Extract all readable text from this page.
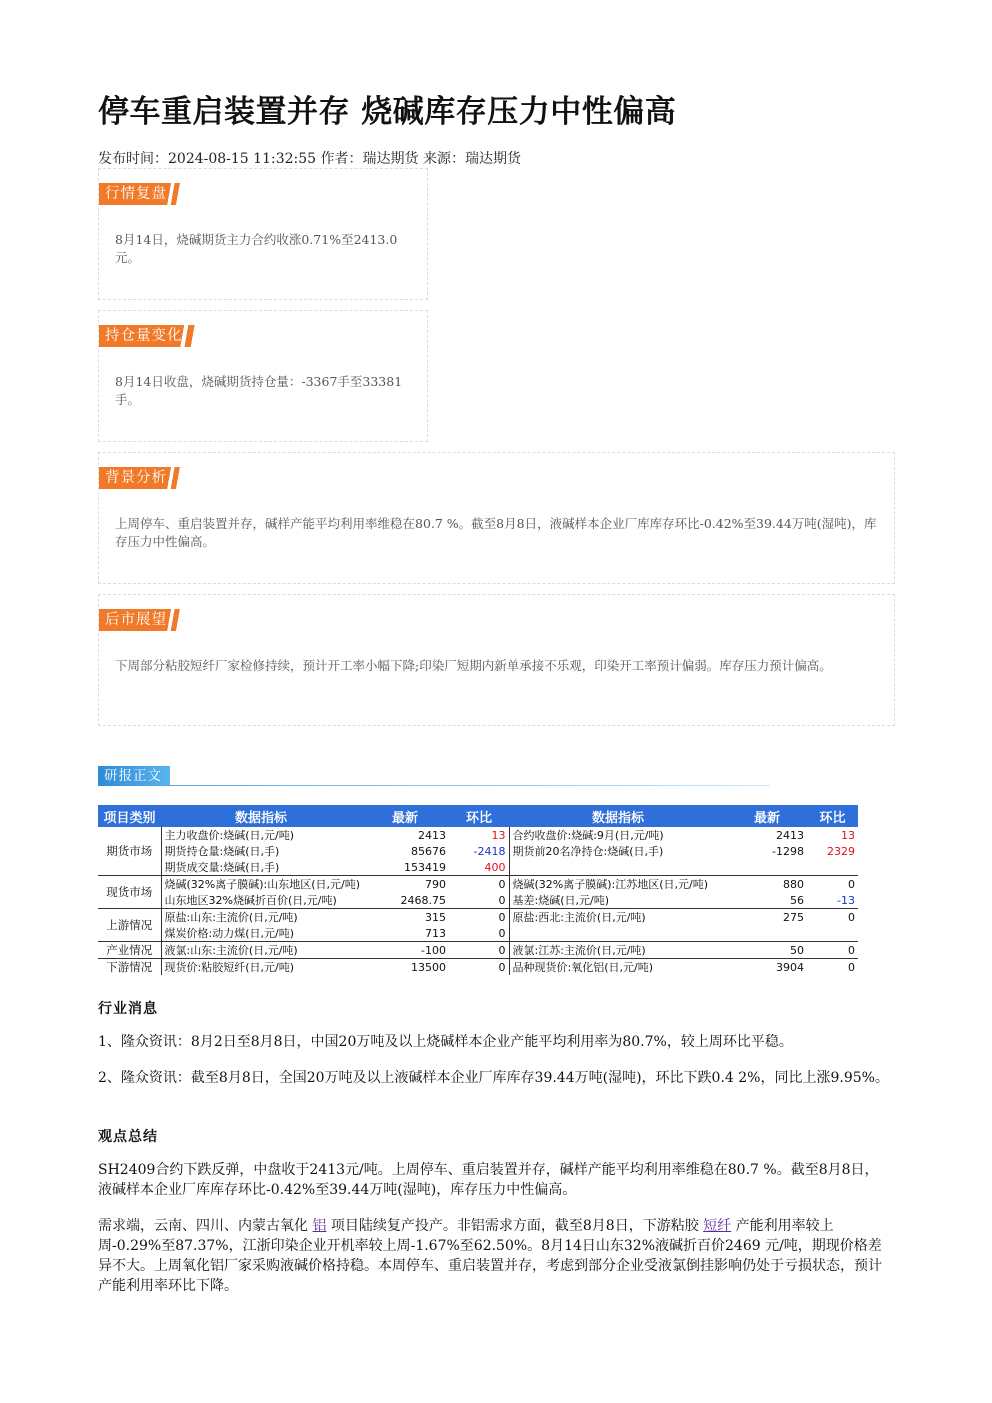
停车重启装置并存 烧碱库存压力中性偏高
发布时间：2024-08-15 11:32:55 作者：瑞达期货 来源：瑞达期货
行情复盘
8月14日，烧碱期货主力合约收涨0.71%至2413.0元。
持仓量变化
8月14日收盘，烧碱期货持仓量：-3367手至33381手。
背景分析
上周停车、重启装置并存，碱样产能平均利用率维稳在80.7 %。截至8月8日，液碱样本企业厂库库存环比-0.42%至39.44万吨(湿吨)，库存压力中性偏高。
后市展望
下周部分粘胶短纤厂家检修持续，预计开工率小幅下降;印染厂短期内新单承接不乐观，印染开工率预计偏弱。库存压力预计偏高。
研报正文
项目类别	数据指标	最新	环比	数据指标	最新	环比
期货市场	主力收盘价:烧碱(日,元/吨)	2413	13	合约收盘价:烧碱:9月(日,元/吨)	2413	13
	期货持仓量:烧碱(日,手)	85676	-2418	期货前20名净持仓:烧碱(日,手)	-1298	2329
	期货成交量:烧碱(日,手)	153419	400			
现货市场	烧碱(32%离子膜碱):山东地区(日,元/吨)	790	0	烧碱(32%离子膜碱):江苏地区(日,元/吨)	880	0
	山东地区32%烧碱折百价(日,元/吨)	2468.75	0	基差:烧碱(日,元/吨)	56	-13
上游情况	原盐:山东:主流价(日,元/吨)	315	0	原盐:西北:主流价(日,元/吨)	275	0
	煤炭价格:动力煤(日,元/吨)	713	0			
产业情况	液氯:山东:主流价(日,元/吨)	-100	0	液氯:江苏:主流价(日,元/吨)	50	0
下游情况	现货价:粘胶短纤(日,元/吨)	13500	0	品种现货价:氧化铝(日,元/吨)	3904	0
行业消息
1、隆众资讯：8月2日至8月8日，中国20万吨及以上烧碱样本企业产能平均利用率为80.7%，较上周环比平稳。
2、隆众资讯：截至8月8日，全国20万吨及以上液碱样本企业厂库库存39.44万吨(湿吨)，环比下跌0.4 2%，同比上涨9.95%。
观点总结
SH2409合约下跌反弹，中盘收于2413元/吨。上周停车、重启装置并存，碱样产能平均利用率维稳在80.7 %。截至8月8日，液碱样本企业厂库库存环比-0.42%至39.44万吨(湿吨)，库存压力中性偏高。
需求端，云南、四川、内蒙古氧化 铝 项目陆续复产投产。非铝需求方面，截至8月8日，下游粘胶 短纤 产能利用率较上周-0.29%至87.37%，江浙印染企业开机率较上周-1.67%至62.50%。8月14日山东32%液碱折百价2469 元/吨，期现价格差异不大。上周氧化铝厂家采购液碱价格持稳。本周停车、重启装置并存，考虑到部分企业受液氯倒挂影响仍处于亏损状态，预计产能利用率环比下降。
